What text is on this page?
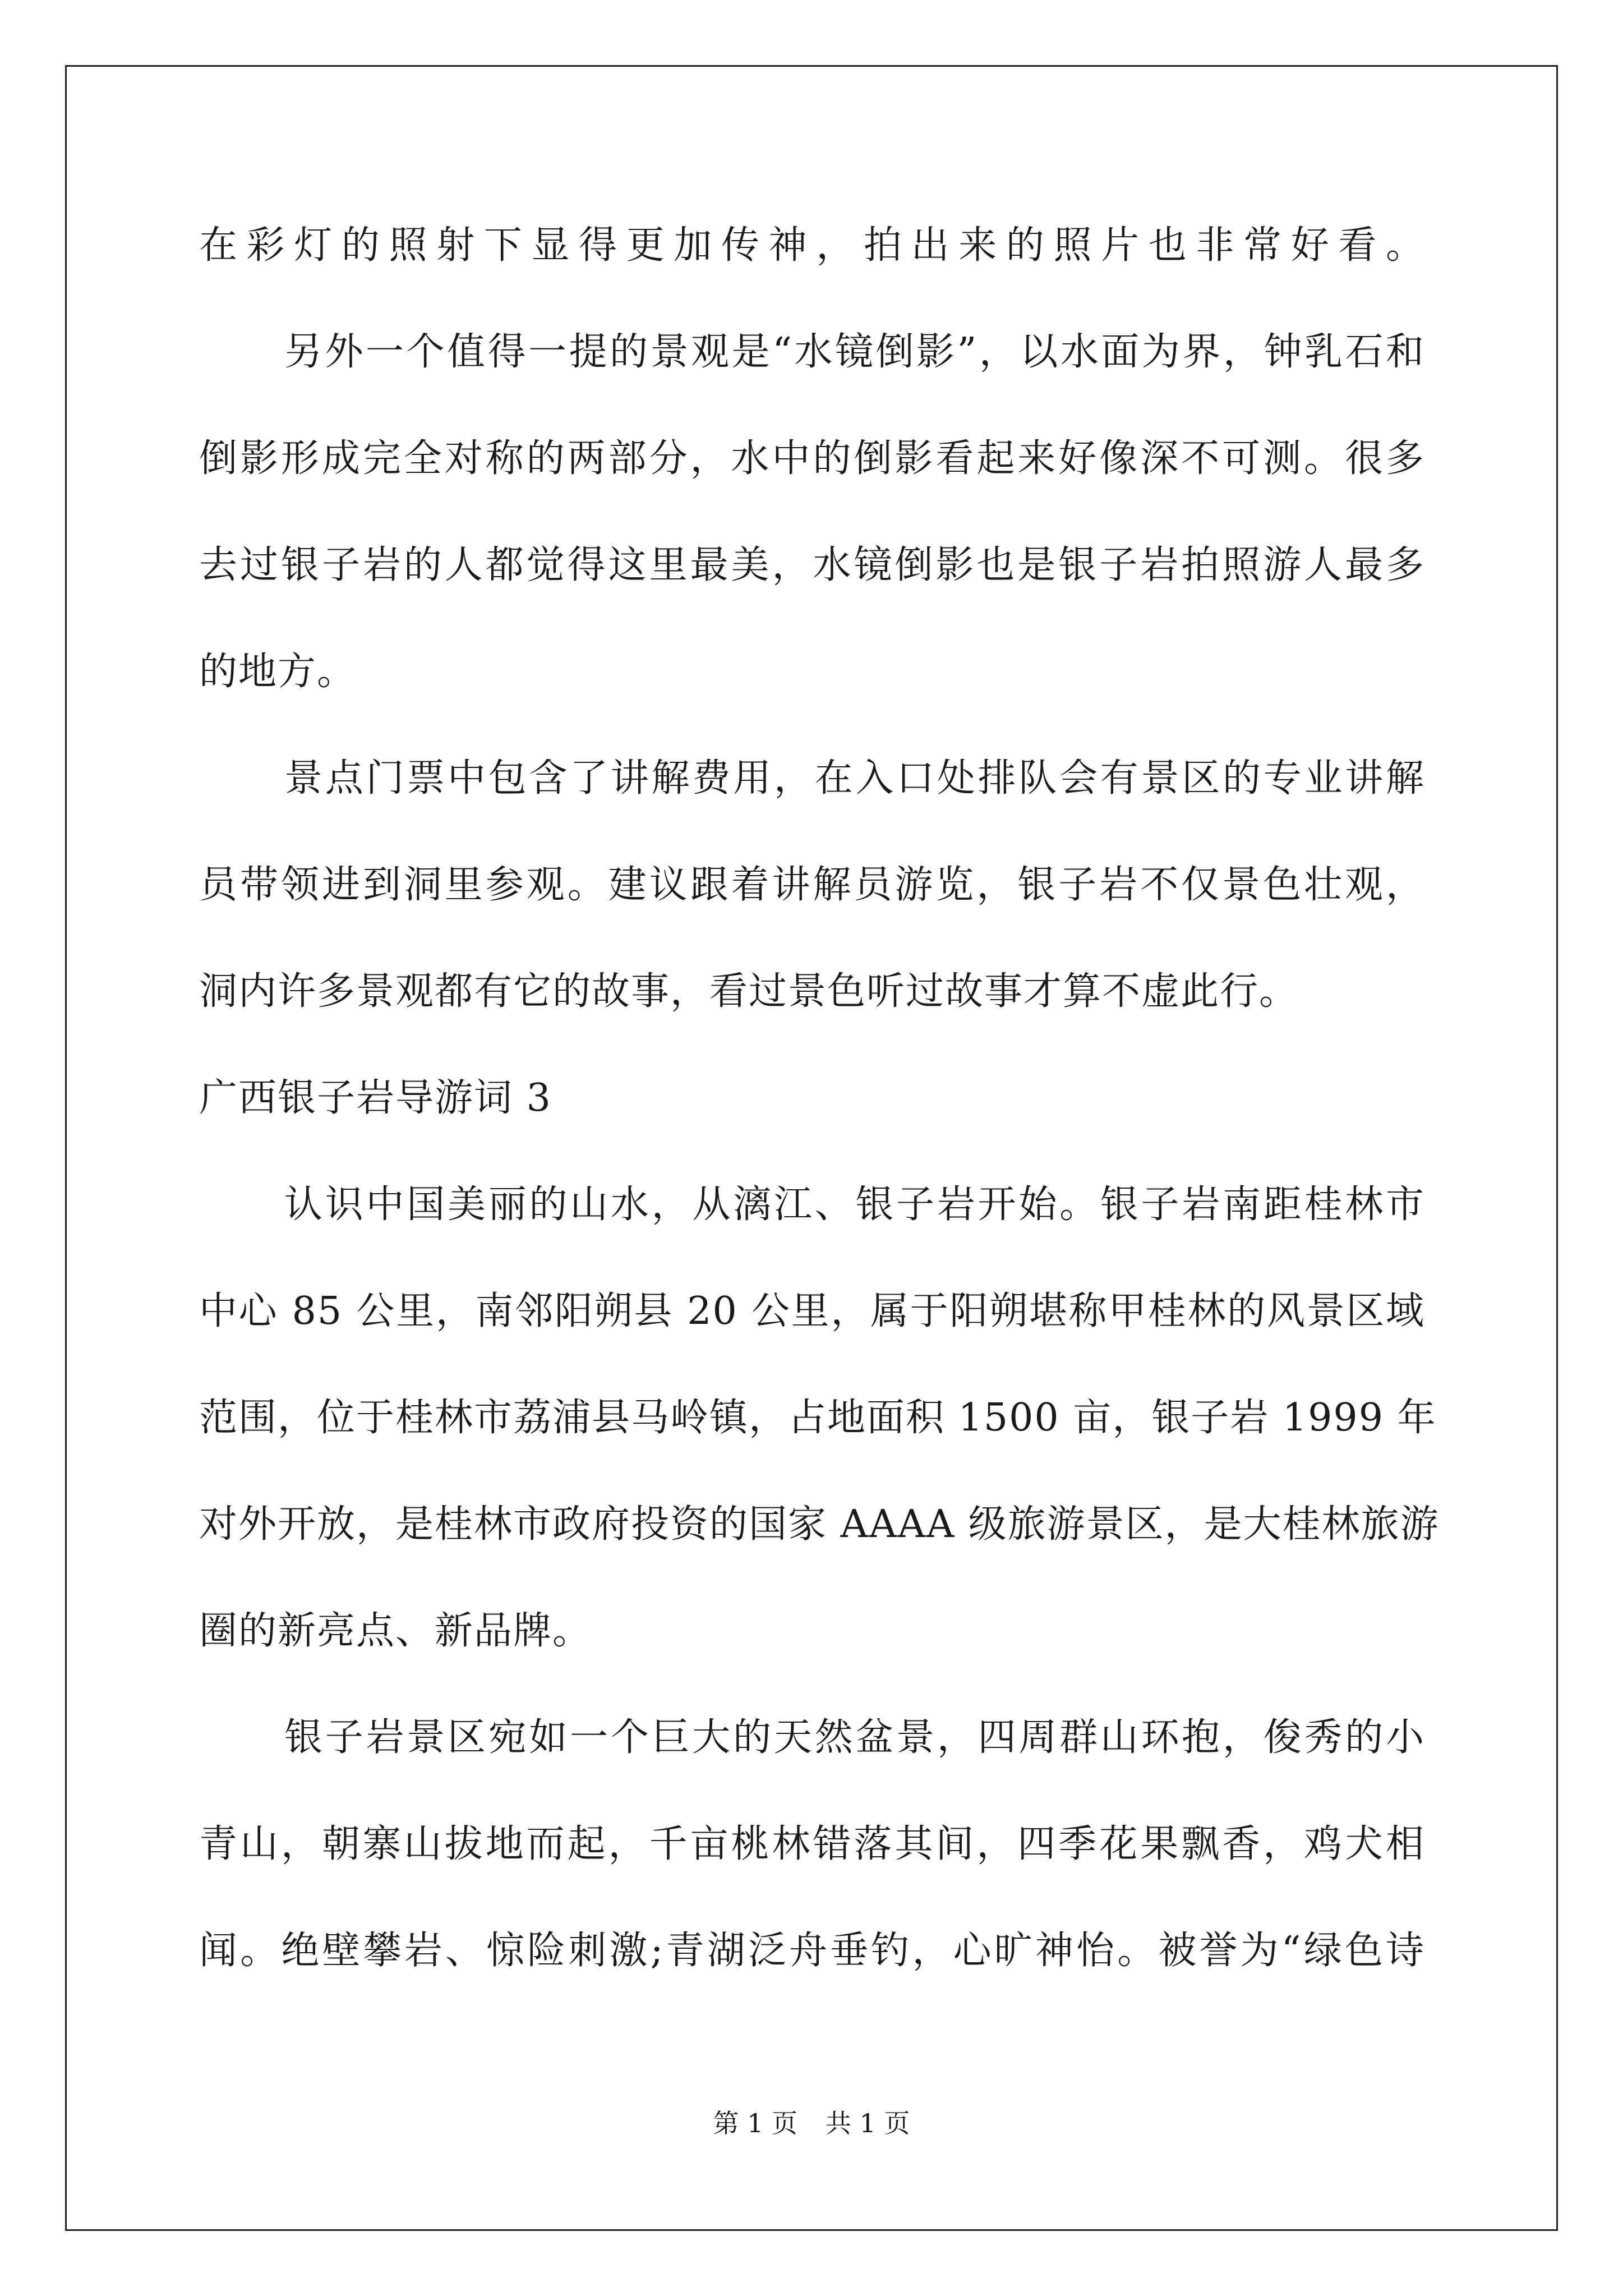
在彩灯的照射下显得更加传神，拍出来的照片也非常好看。
另外一个值得一提的景观是“水镜倒影”，以水面为界，钟乳石和
倒影形成完全对称的两部分，水中的倒影看起来好像深不可测。很多
去过银子岩的人都觉得这里最美，水镜倒影也是银子岩拍照游人最多
的地方。
景点门票中包含了讲解费用，在入口处排队会有景区的专业讲解
员带领进到洞里参观。建议跟着讲解员游览，银子岩不仅景色壮观，
洞内许多景观都有它的故事，看过景色听过故事才算不虚此行。
广西银子岩导游词 3
认识中国美丽的山水，从漓江、银子岩开始。银子岩南距桂林市
中心 85 公里，南邻阳朔县 20 公里，属于阳朔堪称甲桂林的风景区域
范围，位于桂林市荔浦县马岭镇，占地面积 1500 亩，银子岩 1999 年
对外开放，是桂林市政府投资的国家 AAAA 级旅游景区，是大桂林旅游
圈的新亮点、新品牌。
银子岩景区宛如一个巨大的天然盆景，四周群山环抱，俊秀的小
青山，朝寨山拔地而起，千亩桃林错落其间，四季花果飘香，鸡犬相
闻。绝壁攀岩、惊险刺激;青湖泛舟垂钓，心旷神怡。被誉为“绿色诗
第 1 页 共 1 页
